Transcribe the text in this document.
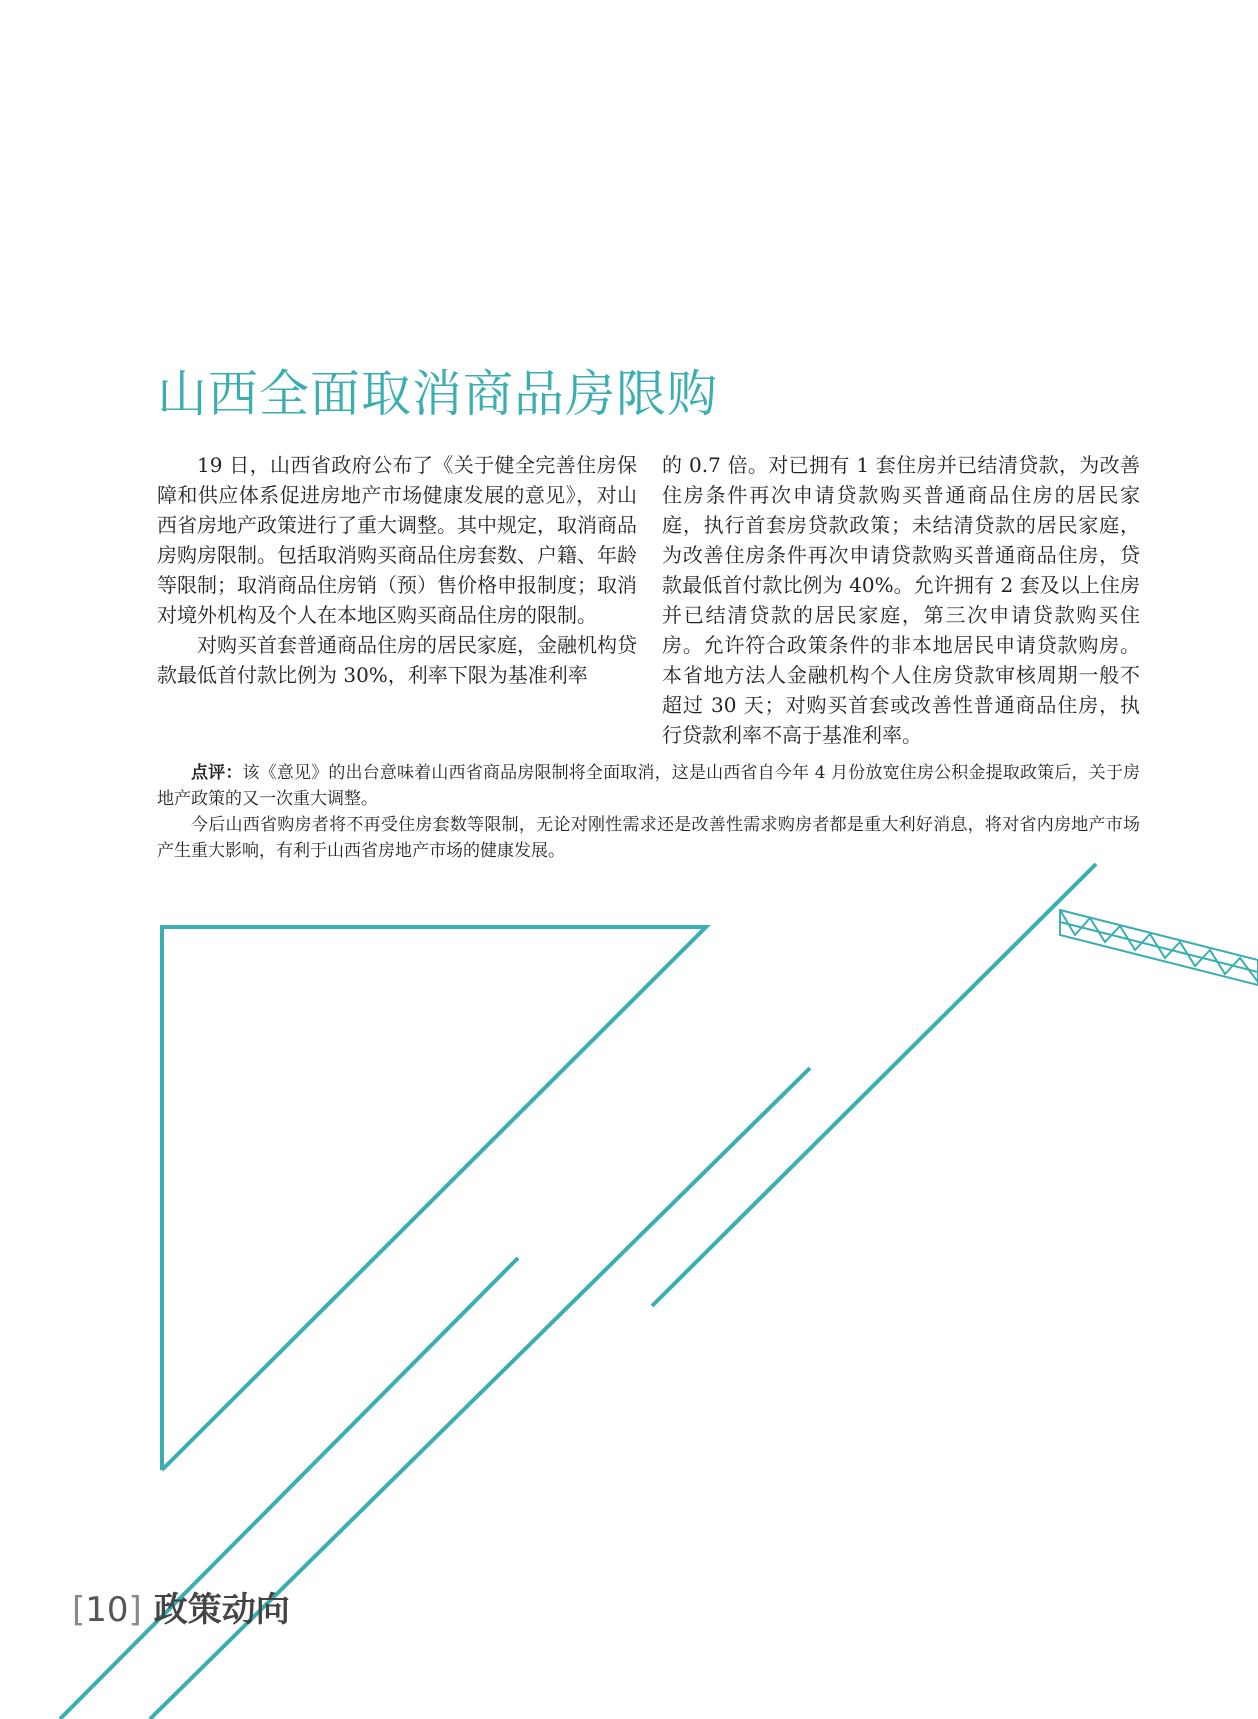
山西全面取消商品房限购

19 日，山西省政府公布了《关于健全完善住房保障和供应体系促进房地产市场健康发展的意见》，对山西省房地产政策进行了重大调整。其中规定，取消商品房购房限制。包括取消购买商品住房套数、户籍、年龄等限制；取消商品住房销（预）售价格申报制度；取消对境外机构及个人在本地区购买商品住房的限制。

对购买首套普通商品住房的居民家庭，金融机构贷款最低首付款比例为 30%，利率下限为基准利率

的 0.7 倍。对已拥有 1 套住房并已结清贷款，为改善住房条件再次申请贷款购买普通商品住房的居民家庭，执行首套房贷款政策；未结清贷款的居民家庭，为改善住房条件再次申请贷款购买普通商品住房，贷款最低首付款比例为 40%。允许拥有 2 套及以上住房并已结清贷款的居民家庭，第三次申请贷款购买住房。允许符合政策条件的非本地居民申请贷款购房。本省地方法人金融机构个人住房贷款审核周期一般不超过 30 天；对购买首套或改善性普通商品住房，执行贷款利率不高于基准利率。

点评：该《意见》的出台意味着山西省商品房限制将全面取消，这是山西省自今年 4 月份放宽住房公积金提取政策后，关于房地产政策的又一次重大调整。

今后山西省购房者将不再受住房套数等限制，无论对刚性需求还是改善性需求购房者都是重大利好消息，将对省内房地产市场产生重大影响，有利于山西省房地产市场的健康发展。

[10] 政策动向
